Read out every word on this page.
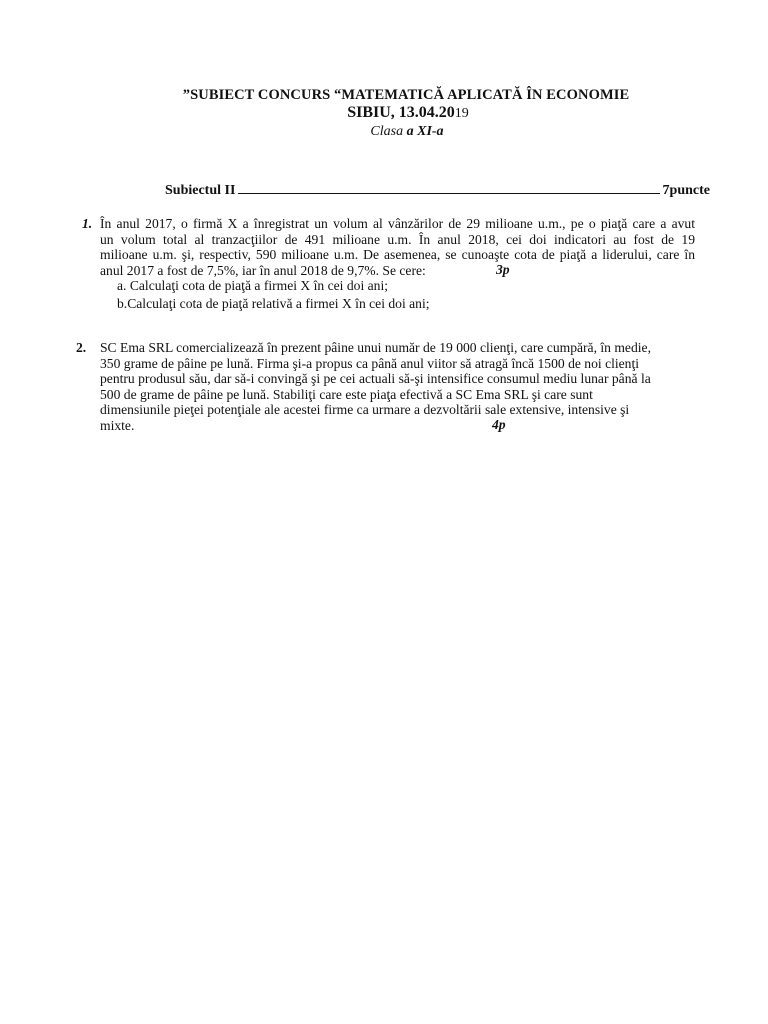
”SUBIECT CONCURS “MATEMATICĂ APLICATĂ ÎN ECONOMIE
SIBIU, 13.04.2019
Clasa a XI-a
Subiectul II	7puncte
1. În anul 2017, o firmă X a înregistrat un volum al vânzărilor de 29 milioane u.m., pe o piaţă care a avut
un volum total al tranzacţiilor de 491 milioane u.m. În anul 2018, cei doi indicatori au fost de 19
milioane u.m. şi, respectiv, 590 milioane u.m. De asemenea, se cunoaşte cota de piaţă a liderului, care în
anul 2017 a fost de 7,5%, iar în anul 2018 de 9,7%. Se cere:	3p
a. Calculaţi cota de piaţă a firmei X în cei doi ani;
b.Calculaţi cota de piaţă relativă a firmei X în cei doi ani;
2. SC Ema SRL comercializează în prezent pâine unui număr de 19 000 clienţi, care cumpără, în medie,
350 grame de pâine pe lună. Firma şi-a propus ca până anul viitor să atragă încă 1500 de noi clienţi
pentru produsul său, dar să-i convingă şi pe cei actuali să-şi intensifice consumul mediu lunar până la
500 de grame de pâine pe lună. Stabiliţi care este piaţa efectivă a SC Ema SRL şi care sunt
dimensiunile pieţei potenţiale ale acestei firme ca urmare a dezvoltării sale extensive, intensive şi
mixte.	4p
